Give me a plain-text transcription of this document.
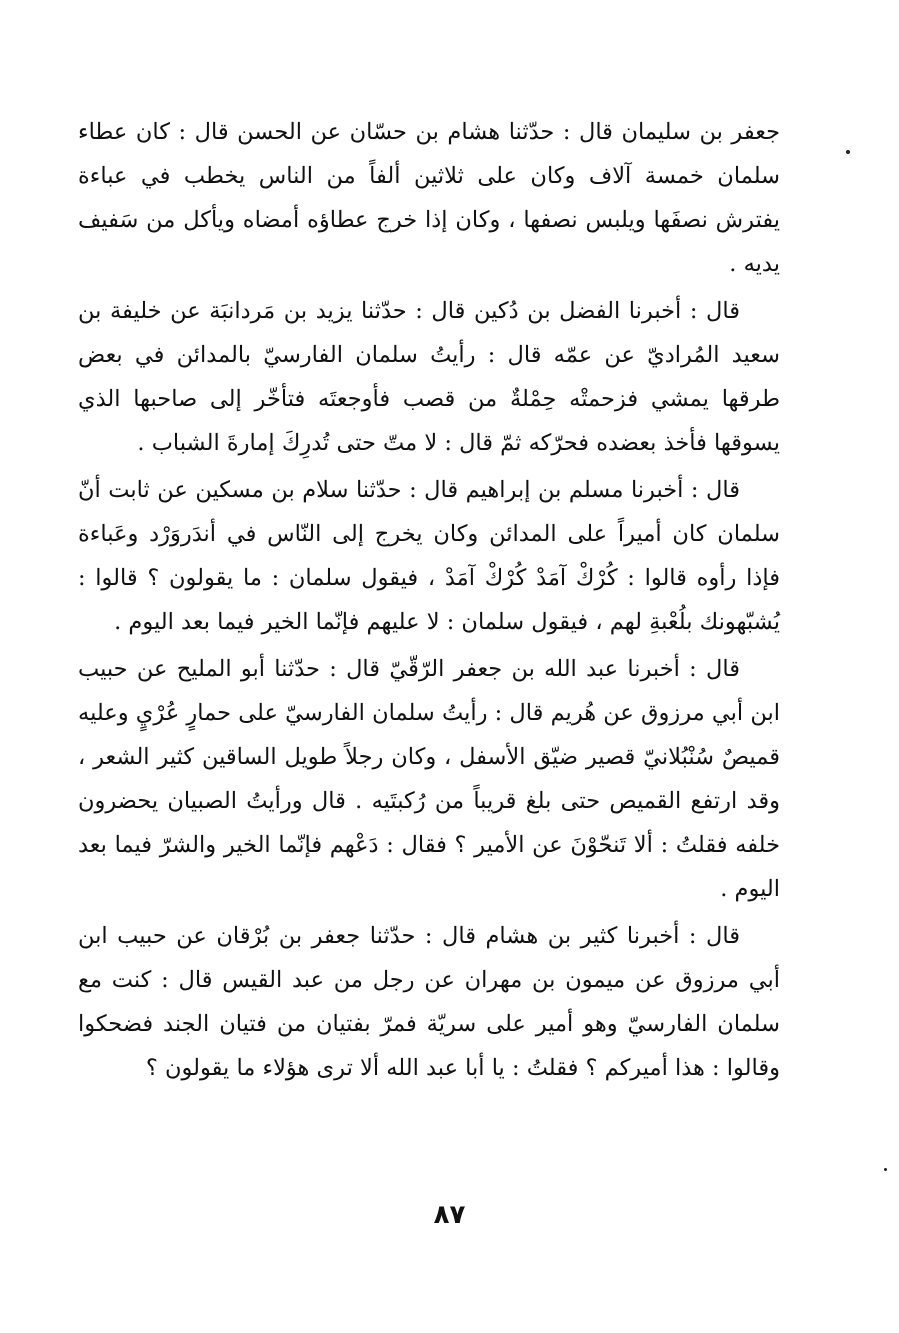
جعفر بن سليمان قال : حدّثنا هشام بن حسّان عن الحسن قال : كان عطاء سلمان خمسة آلاف وكان على ثلاثين ألفاً من الناس يخطب في عباءة يفترش نصفَها ويلبس نصفها ، وكان إذا خرج عطاؤه أمضاه ويأكل من سَفيف يديه .

قال : أخبرنا الفضل بن دُكين قال : حدّثنا يزيد بن مَردانبَة عن خليفة بن سعيد المُراديّ عن عمّه قال : رأيتُ سلمان الفارسيّ بالمدائن في بعض طرقها يمشي فزحمتْه حِمْلةٌ من قصب فأوجعتَه فتأخّر إلى صاحبها الذي يسوقها فأخذ بعضده فحرّكه ثمّ قال : لا متّ حتى تُدرِكَ إمارةَ الشباب .

قال : أخبرنا مسلم بن إبراهيم قال : حدّثنا سلام بن مسكين عن ثابت أنّ سلمان كان أميراً على المدائن وكان يخرج إلى النّاس في أندَروَرْد وعَباءة فإذا رأوه قالوا : كُرْكْ آمَدْ كُرْكْ آمَدْ ، فيقول سلمان : ما يقولون ؟ قالوا : يُشبّهونك بلُعْبةِ لهم ، فيقول سلمان : لا عليهم فإنّما الخير فيما بعد اليوم .

قال : أخبرنا عبد الله بن جعفر الرّقّيّ قال : حدّثنا أبو المليح عن حبيب ابن أبي مرزوق عن هُريم قال : رأيتُ سلمان الفارسيّ على حمارٍ عُرْيٍ وعليه قميصٌ سُنْبُلانيّ قصير ضيّق الأسفل ، وكان رجلاً طويل الساقين كثير الشعر ، وقد ارتفع القميص حتى بلغ قريباً من رُكبتَيه . قال ورأيتُ الصبيان يحضرون خلفه فقلتُ : ألا تَنحّوْنَ عن الأمير ؟ فقال : دَعْهم فإنّما الخير والشرّ فيما بعد اليوم .

قال : أخبرنا كثير بن هشام قال : حدّثنا جعفر بن بُرْقان عن حبيب ابن أبي مرزوق عن ميمون بن مهران عن رجل من عبد القيس قال : كنت مع سلمان الفارسيّ وهو أمير على سريّة فمرّ بفتيان من فتيان الجند فضحكوا وقالوا : هذا أميركم ؟ فقلتُ : يا أبا عبد الله ألا ترى هؤلاء ما يقولون ؟

٨٧
